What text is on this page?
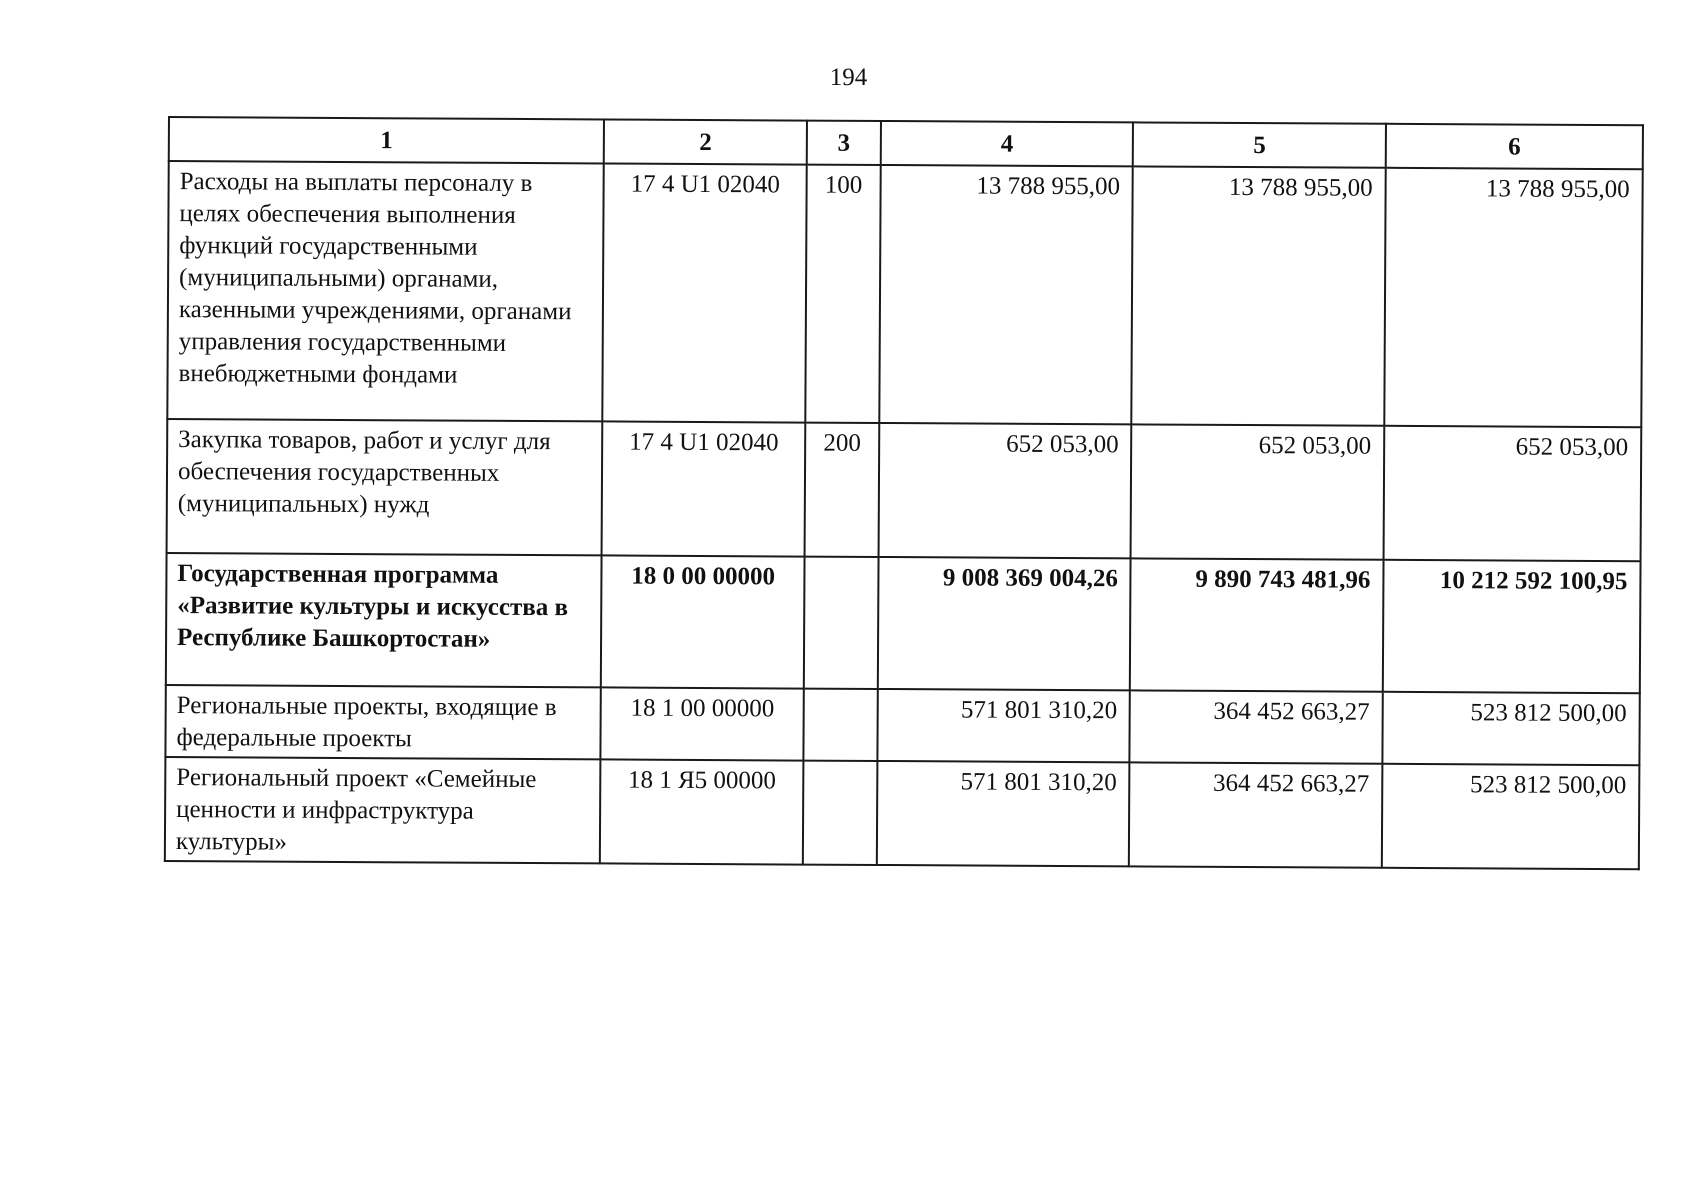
194
1	2	3	4	5	6
Расходы на выплаты персоналу в целях обеспечения выполнения функций государственными (муниципальными) органами, казенными учреждениями, органами управления государственными внебюджетными фондами	17 4 U1 02040	100	13 788 955,00	13 788 955,00	13 788 955,00
Закупка товаров, работ и услуг для обеспечения государственных (муниципальных) нужд	17 4 U1 02040	200	652 053,00	652 053,00	652 053,00
Государственная программа «Развитие культуры и искусства в Республике Башкортостан»	18 0 00 00000		9 008 369 004,26	9 890 743 481,96	10 212 592 100,95
Региональные проекты, входящие в федеральные проекты	18 1 00 00000		571 801 310,20	364 452 663,27	523 812 500,00
Региональный проект «Семейные ценности и инфраструктура культуры»	18 1 Я5 00000		571 801 310,20	364 452 663,27	523 812 500,00
